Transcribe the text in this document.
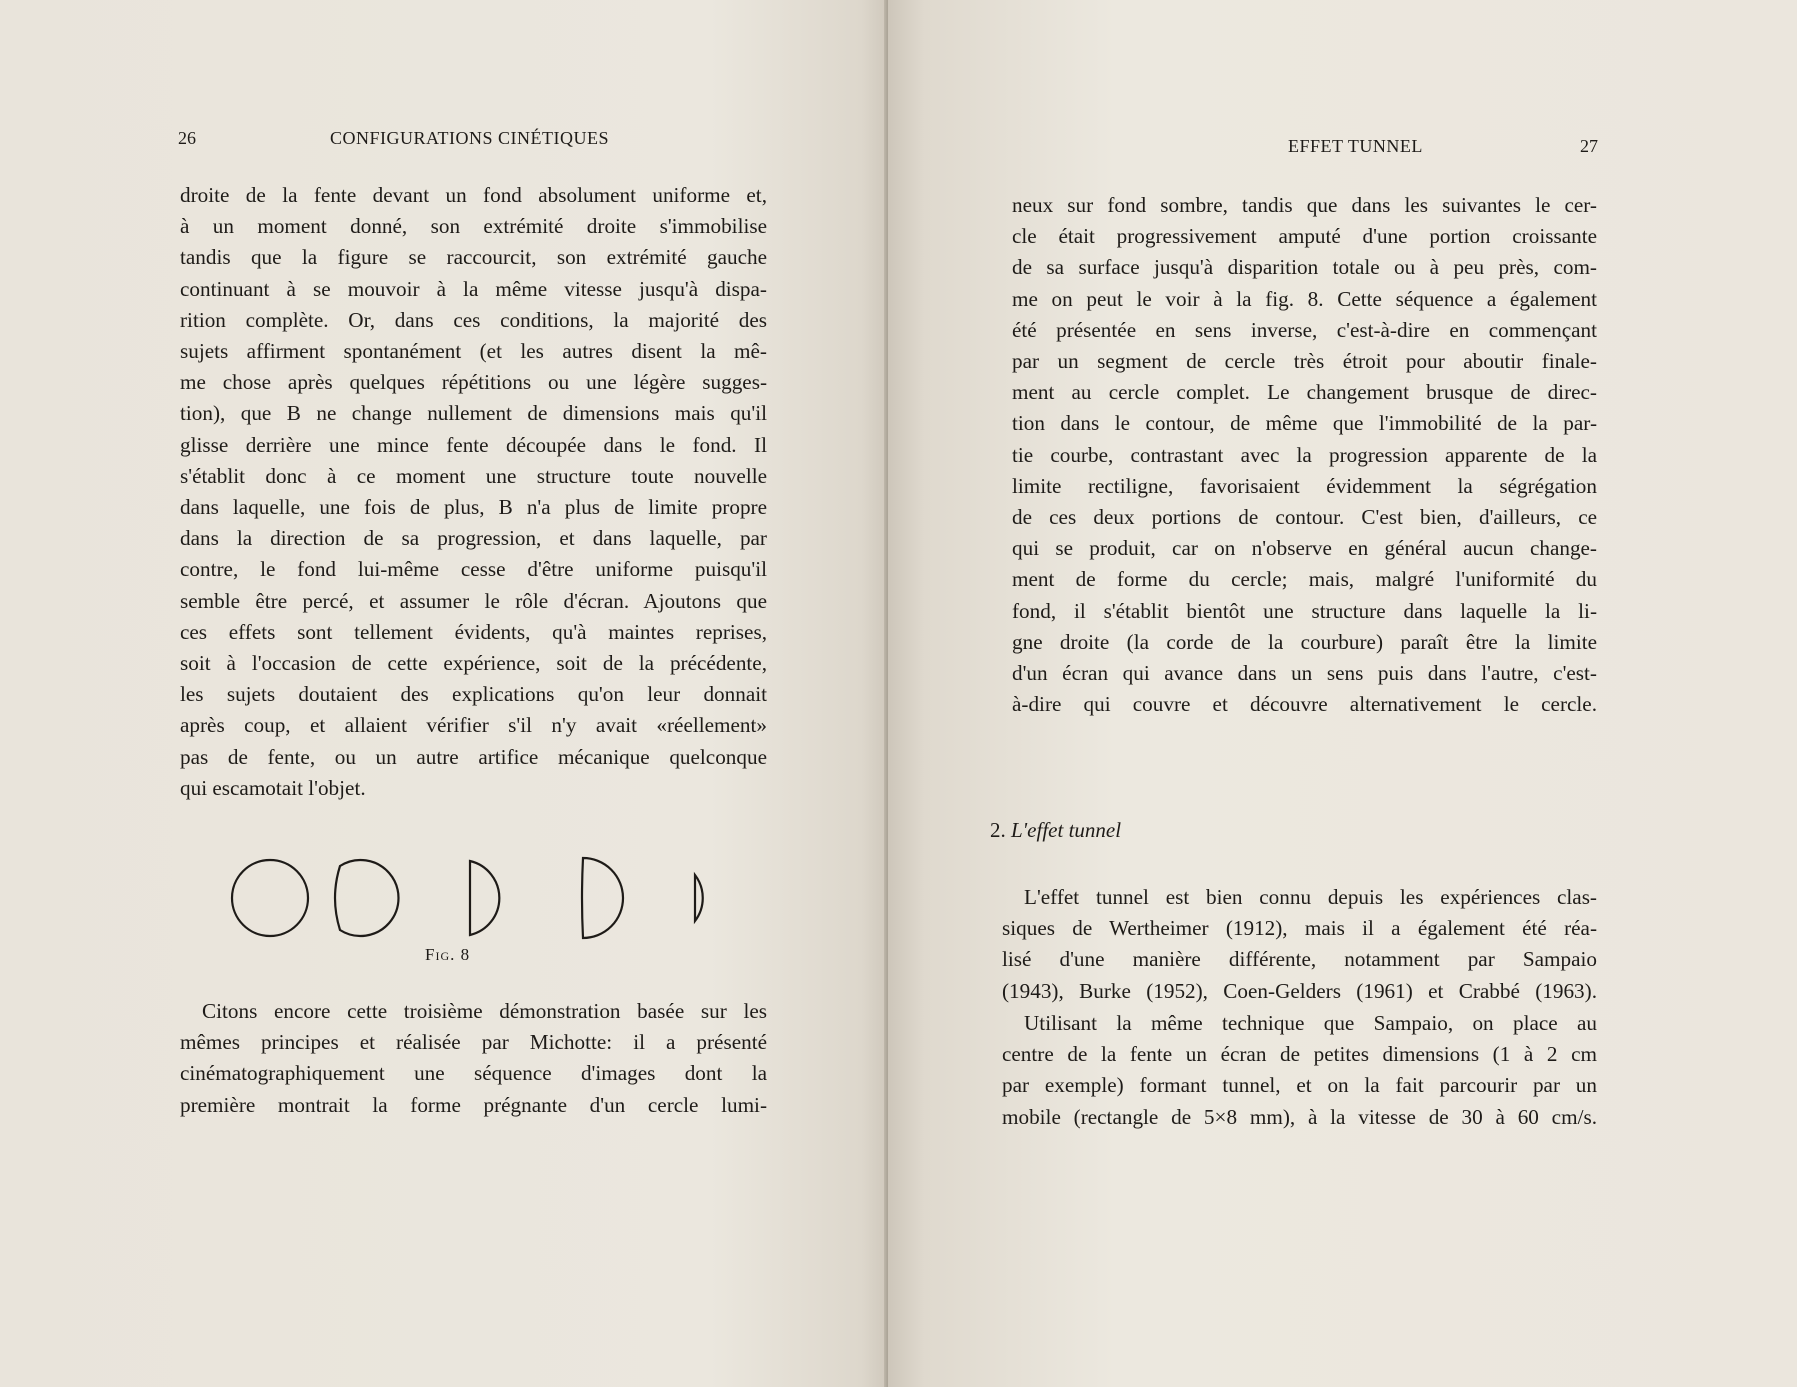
26	CONFIGURATIONS CINÉTIQUES
droite de la fente devant un fond absolument uniforme et,
à un moment donné, son extrémité droite s'immobilise
tandis que la figure se raccourcit, son extrémité gauche
continuant à se mouvoir à la même vitesse jusqu'à dispa-
rition complète. Or, dans ces conditions, la majorité des
sujets affirment spontanément (et les autres disent la mê-
me chose après quelques répétitions ou une légère sugges-
tion), que B ne change nullement de dimensions mais qu'il
glisse derrière une mince fente découpée dans le fond. Il
s'établit donc à ce moment une structure toute nouvelle
dans laquelle, une fois de plus, B n'a plus de limite propre
dans la direction de sa progression, et dans laquelle, par
contre, le fond lui-même cesse d'être uniforme puisqu'il
semble être percé, et assumer le rôle d'écran. Ajoutons que
ces effets sont tellement évidents, qu'à maintes reprises,
soit à l'occasion de cette expérience, soit de la précédente,
les sujets doutaient des explications qu'on leur donnait
après coup, et allaient vérifier s'il n'y avait «réellement»
pas de fente, ou un autre artifice mécanique quelconque
qui escamotait l'objet.
Fig. 8
Citons encore cette troisième démonstration basée sur les
mêmes principes et réalisée par Michotte: il a présenté
cinématographiquement une séquence d'images dont la
première montrait la forme prégnante d'un cercle lumi-
EFFET TUNNEL	27
neux sur fond sombre, tandis que dans les suivantes le cer-
cle était progressivement amputé d'une portion croissante
de sa surface jusqu'à disparition totale ou à peu près, com-
me on peut le voir à la fig. 8. Cette séquence a également
été présentée en sens inverse, c'est-à-dire en commençant
par un segment de cercle très étroit pour aboutir finale-
ment au cercle complet. Le changement brusque de direc-
tion dans le contour, de même que l'immobilité de la par-
tie courbe, contrastant avec la progression apparente de la
limite rectiligne, favorisaient évidemment la ségrégation
de ces deux portions de contour. C'est bien, d'ailleurs, ce
qui se produit, car on n'observe en général aucun change-
ment de forme du cercle; mais, malgré l'uniformité du
fond, il s'établit bientôt une structure dans laquelle la li-
gne droite (la corde de la courbure) paraît être la limite
d'un écran qui avance dans un sens puis dans l'autre, c'est-
à-dire qui couvre et découvre alternativement le cercle.
2. L'effet tunnel
L'effet tunnel est bien connu depuis les expériences clas-
siques de Wertheimer (1912), mais il a également été réa-
lisé d'une manière différente, notamment par Sampaio
(1943), Burke (1952), Coen-Gelders (1961) et Crabbé (1963).
Utilisant la même technique que Sampaio, on place au
centre de la fente un écran de petites dimensions (1 à 2 cm
par exemple) formant tunnel, et on la fait parcourir par un
mobile (rectangle de 5×8 mm), à la vitesse de 30 à 60 cm/s.
